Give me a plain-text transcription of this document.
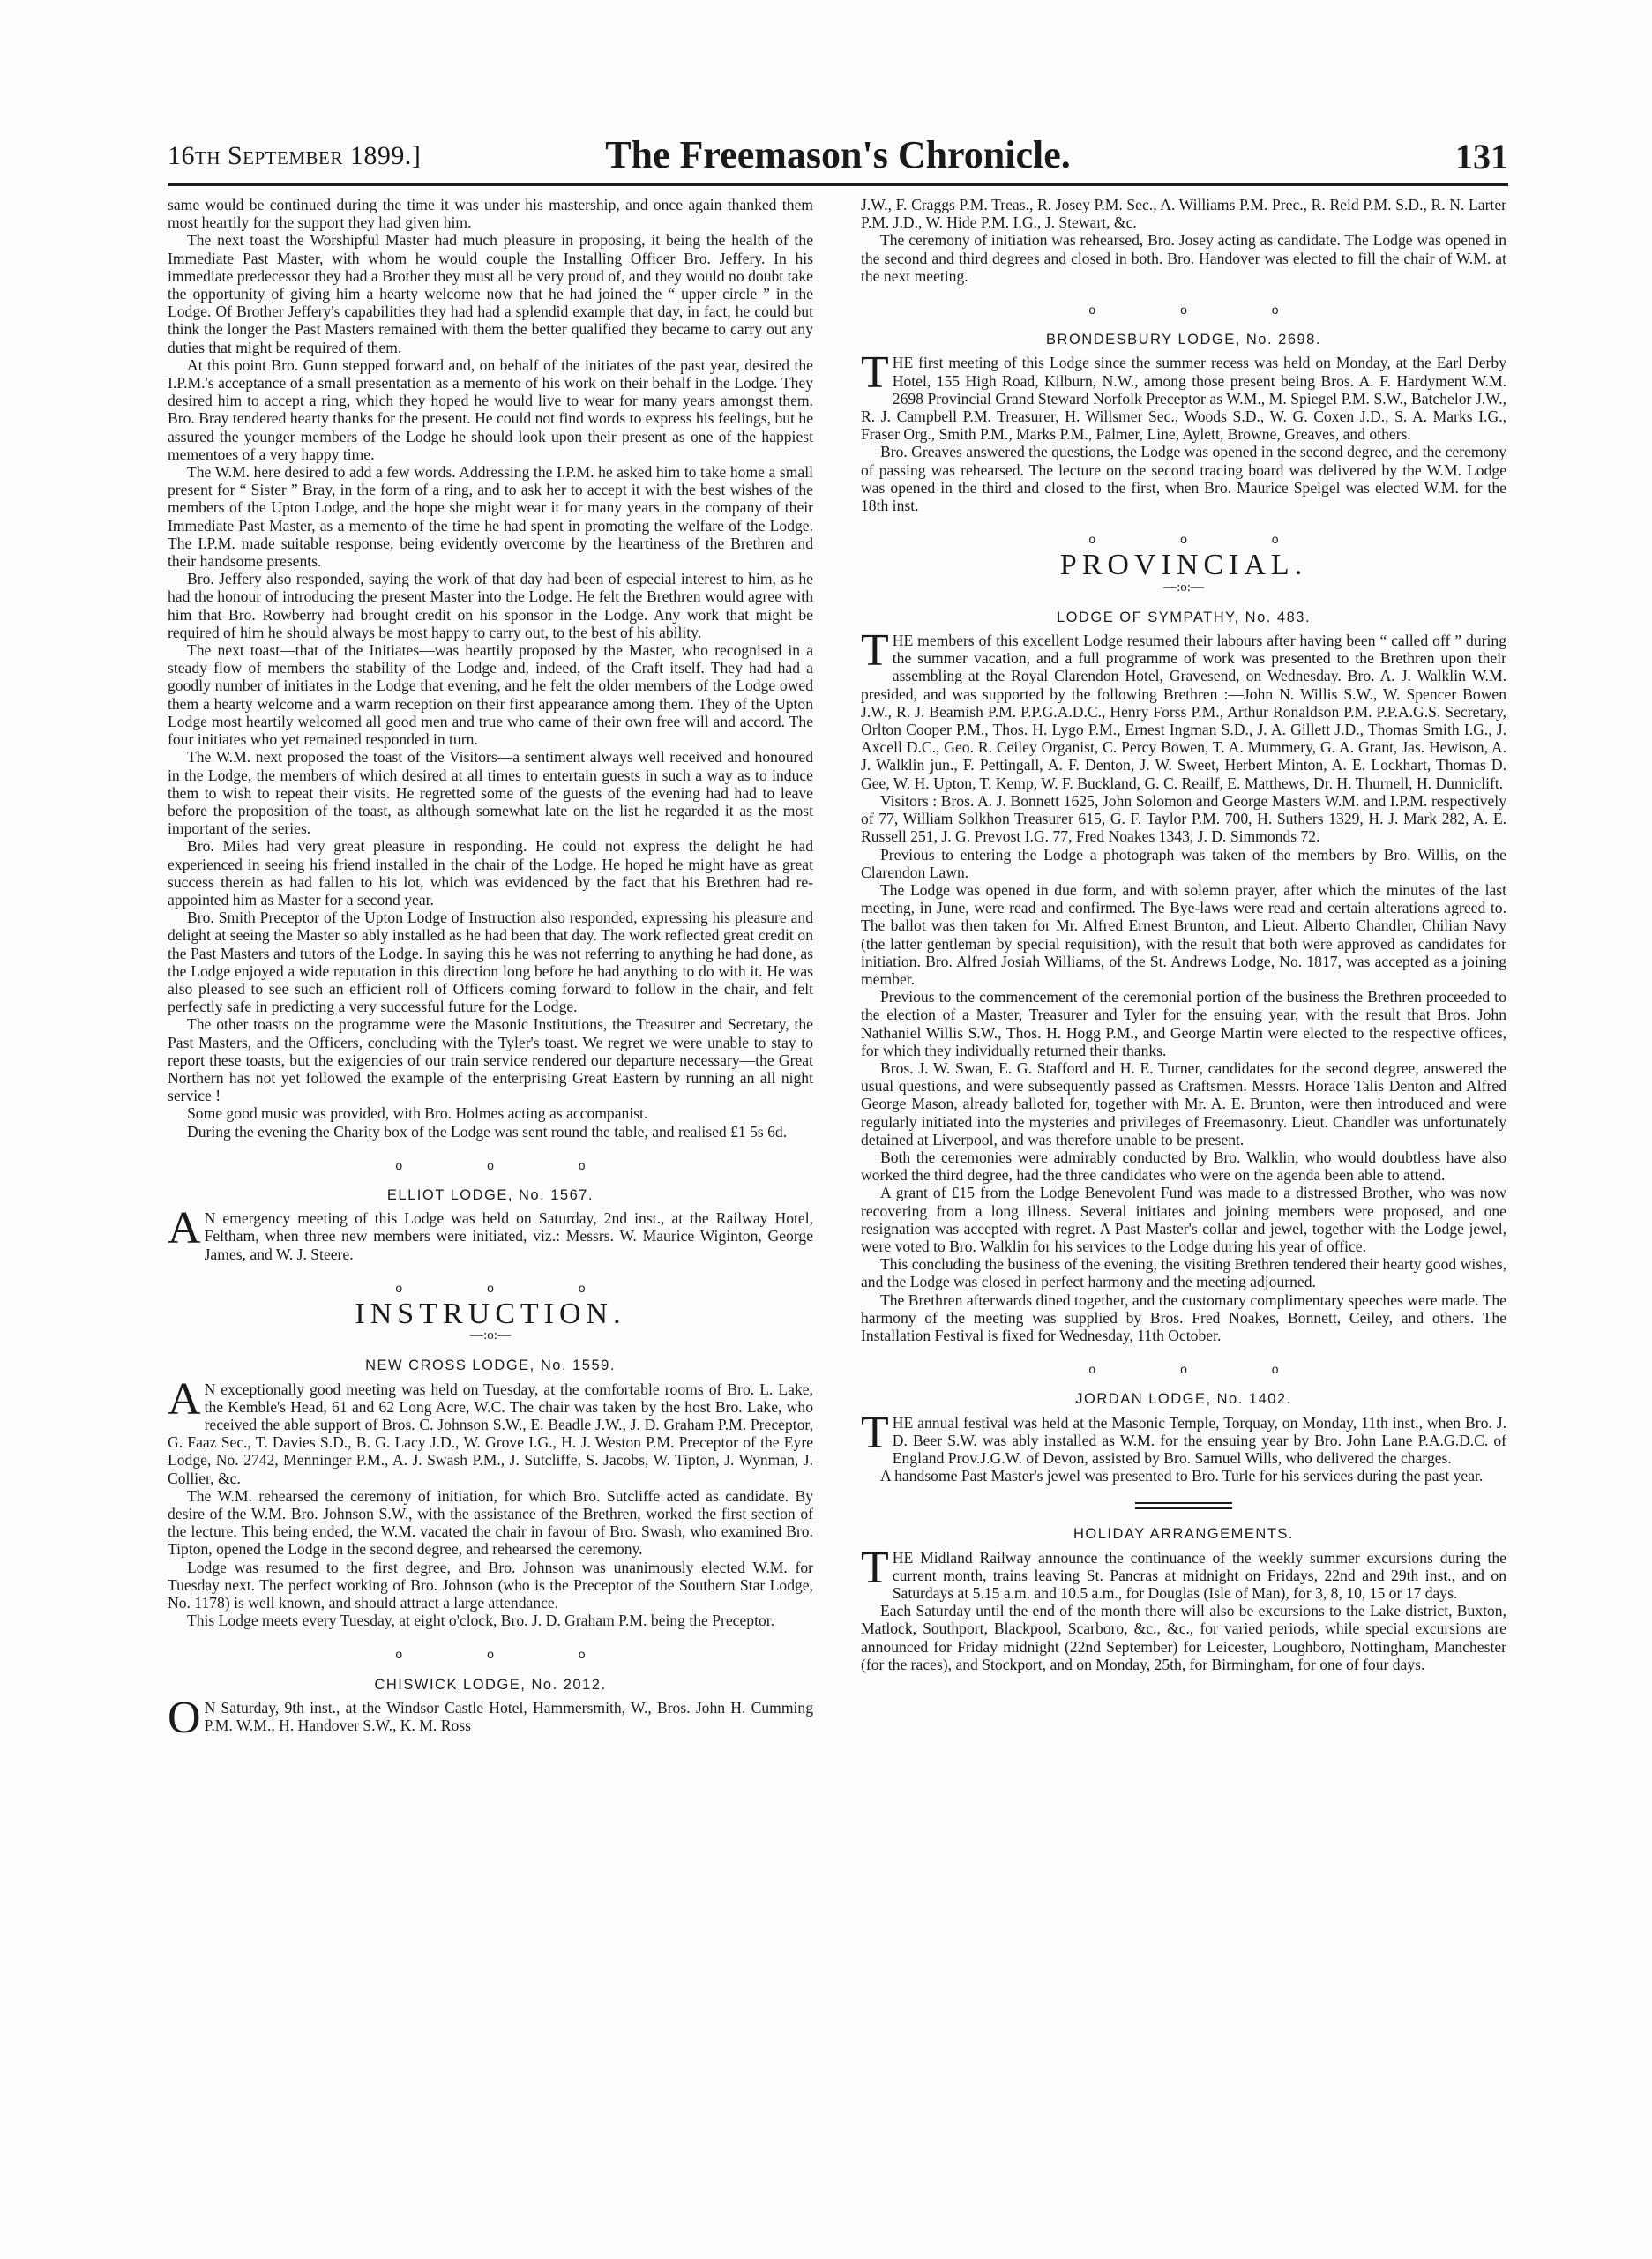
16th September 1899.]	The Freemason's Chronicle.	131

same would be continued during the time it was under his mastership, and once again thanked them most heartily for the support they had given him.

The next toast the Worshipful Master had much pleasure in proposing, it being the health of the Immediate Past Master, with whom he would couple the Installing Officer Bro. Jeffery. In his immediate predecessor they had a Brother they must all be very proud of, and they would no doubt take the opportunity of giving him a hearty welcome now that he had joined the “ upper circle ” in the Lodge. Of Brother Jeffery's capabilities they had had a splendid example that day, in fact, he could but think the longer the Past Masters remained with them the better qualified they became to carry out any duties that might be required of them.

At this point Bro. Gunn stepped forward and, on behalf of the initiates of the past year, desired the I.P.M.'s acceptance of a small presentation as a memento of his work on their behalf in the Lodge. They desired him to accept a ring, which they hoped he would live to wear for many years amongst them. Bro. Bray tendered hearty thanks for the present. He could not find words to express his feelings, but he assured the younger members of the Lodge he should look upon their present as one of the happiest mementoes of a very happy time.

The W.M. here desired to add a few words. Addressing the I.P.M. he asked him to take home a small present for “ Sister ” Bray, in the form of a ring, and to ask her to accept it with the best wishes of the members of the Upton Lodge, and the hope she might wear it for many years in the company of their Immediate Past Master, as a memento of the time he had spent in promoting the welfare of the Lodge. The I.P.M. made suitable response, being evidently overcome by the heartiness of the Brethren and their handsome presents.

Bro. Jeffery also responded, saying the work of that day had been of especial interest to him, as he had the honour of introducing the present Master into the Lodge. He felt the Brethren would agree with him that Bro. Rowberry had brought credit on his sponsor in the Lodge. Any work that might be required of him he should always be most happy to carry out, to the best of his ability.

The next toast—that of the Initiates—was heartily proposed by the Master, who recognised in a steady flow of members the stability of the Lodge and, indeed, of the Craft itself. They had had a goodly number of initiates in the Lodge that evening, and he felt the older members of the Lodge owed them a hearty welcome and a warm reception on their first appearance among them. They of the Upton Lodge most heartily welcomed all good men and true who came of their own free will and accord. The four initiates who yet remained responded in turn.

The W.M. next proposed the toast of the Visitors—a sentiment always well received and honoured in the Lodge, the members of which desired at all times to entertain guests in such a way as to induce them to wish to repeat their visits. He regretted some of the guests of the evening had had to leave before the proposition of the toast, as although somewhat late on the list he regarded it as the most important of the series.

Bro. Miles had very great pleasure in responding. He could not express the delight he had experienced in seeing his friend installed in the chair of the Lodge. He hoped he might have as great success therein as had fallen to his lot, which was evidenced by the fact that his Brethren had re-appointed him as Master for a second year.

Bro. Smith Preceptor of the Upton Lodge of Instruction also responded, expressing his pleasure and delight at seeing the Master so ably installed as he had been that day. The work reflected great credit on the Past Masters and tutors of the Lodge. In saying this he was not referring to anything he had done, as the Lodge enjoyed a wide reputation in this direction long before he had anything to do with it. He was also pleased to see such an efficient roll of Officers coming forward to follow in the chair, and felt perfectly safe in predicting a very successful future for the Lodge.

The other toasts on the programme were the Masonic Institutions, the Treasurer and Secretary, the Past Masters, and the Officers, concluding with the Tyler's toast. We regret we were unable to stay to report these toasts, but the exigencies of our train service rendered our departure necessary—the Great Northern has not yet followed the example of the enterprising Great Eastern by running an all night service !

Some good music was provided, with Bro. Holmes acting as accompanist.

During the evening the Charity box of the Lodge was sent round the table, and realised £1 5s 6d.

o o o
ELLIOT LODGE, No. 1567.

AN emergency meeting of this Lodge was held on Saturday, 2nd inst., at the Railway Hotel, Feltham, when three new members were initiated, viz.: Messrs. W. Maurice Wiginton, George James, and W. J. Steere.

o o o
INSTRUCTION.
—:o:—
NEW CROSS LODGE, No. 1559.

AN exceptionally good meeting was held on Tuesday, at the comfortable rooms of Bro. L. Lake, the Kemble's Head, 61 and 62 Long Acre, W.C. The chair was taken by the host Bro. Lake, who received the able support of Bros. C. Johnson S.W., E. Beadle J.W., J. D. Graham P.M. Preceptor, G. Faaz Sec., T. Davies S.D., B. G. Lacy J.D., W. Grove I.G., H. J. Weston P.M. Preceptor of the Eyre Lodge, No. 2742, Menninger P.M., A. J. Swash P.M., J. Sutcliffe, S. Jacobs, W. Tipton, J. Wynman, J. Collier, &c.

The W.M. rehearsed the ceremony of initiation, for which Bro. Sutcliffe acted as candidate. By desire of the W.M. Bro. Johnson S.W., with the assistance of the Brethren, worked the first section of the lecture. This being ended, the W.M. vacated the chair in favour of Bro. Swash, who examined Bro. Tipton, opened the Lodge in the second degree, and rehearsed the ceremony.

Lodge was resumed to the first degree, and Bro. Johnson was unanimously elected W.M. for Tuesday next. The perfect working of Bro. Johnson (who is the Preceptor of the Southern Star Lodge, No. 1178) is well known, and should attract a large attendance.

This Lodge meets every Tuesday, at eight o'clock, Bro. J. D. Graham P.M. being the Preceptor.

o o o
CHISWICK LODGE, No. 2012.

ON Saturday, 9th inst., at the Windsor Castle Hotel, Hammersmith, W., Bros. John H. Cumming P.M. W.M., H. Handover S.W., K. M. Ross

J.W., F. Craggs P.M. Treas., R. Josey P.M. Sec., A. Williams P.M. Prec., R. Reid P.M. S.D., R. N. Larter P.M. J.D., W. Hide P.M. I.G., J. Stewart, &c.

The ceremony of initiation was rehearsed, Bro. Josey acting as candidate. The Lodge was opened in the second and third degrees and closed in both. Bro. Handover was elected to fill the chair of W.M. at the next meeting.

o o o
BRONDESBURY LODGE, No. 2698.

THE first meeting of this Lodge since the summer recess was held on Monday, at the Earl Derby Hotel, 155 High Road, Kilburn, N.W., among those present being Bros. A. F. Hardyment W.M. 2698 Provincial Grand Steward Norfolk Preceptor as W.M., M. Spiegel P.M. S.W., Batchelor J.W., R. J. Campbell P.M. Treasurer, H. Willsmer Sec., Woods S.D., W. G. Coxen J.D., S. A. Marks I.G., Fraser Org., Smith P.M., Marks P.M., Palmer, Line, Aylett, Browne, Greaves, and others.

Bro. Greaves answered the questions, the Lodge was opened in the second degree, and the ceremony of passing was rehearsed. The lecture on the second tracing board was delivered by the W.M. Lodge was opened in the third and closed to the first, when Bro. Maurice Speigel was elected W.M. for the 18th inst.

o o o
PROVINCIAL.
—:o:—
LODGE OF SYMPATHY, No. 483.

THE members of this excellent Lodge resumed their labours after having been “ called off ” during the summer vacation, and a full programme of work was presented to the Brethren upon their assembling at the Royal Clarendon Hotel, Gravesend, on Wednesday. Bro. A. J. Walklin W.M. presided, and was supported by the following Brethren :—John N. Willis S.W., W. Spencer Bowen J.W., R. J. Beamish P.M. P.P.G.A.D.C., Henry Forss P.M., Arthur Ronaldson P.M. P.P.A.G.S. Secretary, Orlton Cooper P.M., Thos. H. Lygo P.M., Ernest Ingman S.D., J. A. Gillett J.D., Thomas Smith I.G., J. Axcell D.C., Geo. R. Ceiley Organist, C. Percy Bowen, T. A. Mummery, G. A. Grant, Jas. Hewison, A. J. Walklin jun., F. Pettingall, A. F. Denton, J. W. Sweet, Herbert Minton, A. E. Lockhart, Thomas D. Gee, W. H. Upton, T. Kemp, W. F. Buckland, G. C. Reailf, E. Matthews, Dr. H. Thurnell, H. Dunniclift.

Visitors : Bros. A. J. Bonnett 1625, John Solomon and George Masters W.M. and I.P.M. respectively of 77, William Solkhon Treasurer 615, G. F. Taylor P.M. 700, H. Suthers 1329, H. J. Mark 282, A. E. Russell 251, J. G. Prevost I.G. 77, Fred Noakes 1343, J. D. Simmonds 72.

Previous to entering the Lodge a photograph was taken of the members by Bro. Willis, on the Clarendon Lawn.

The Lodge was opened in due form, and with solemn prayer, after which the minutes of the last meeting, in June, were read and confirmed. The Bye-laws were read and certain alterations agreed to. The ballot was then taken for Mr. Alfred Ernest Brunton, and Lieut. Alberto Chandler, Chilian Navy (the latter gentleman by special requisition), with the result that both were approved as candidates for initiation. Bro. Alfred Josiah Williams, of the St. Andrews Lodge, No. 1817, was accepted as a joining member.

Previous to the commencement of the ceremonial portion of the business the Brethren proceeded to the election of a Master, Treasurer and Tyler for the ensuing year, with the result that Bros. John Nathaniel Willis S.W., Thos. H. Hogg P.M., and George Martin were elected to the respective offices, for which they individually returned their thanks.

Bros. J. W. Swan, E. G. Stafford and H. E. Turner, candidates for the second degree, answered the usual questions, and were subsequently passed as Craftsmen. Messrs. Horace Talis Denton and Alfred George Mason, already balloted for, together with Mr. A. E. Brunton, were then introduced and were regularly initiated into the mysteries and privileges of Freemasonry. Lieut. Chandler was unfortunately detained at Liverpool, and was therefore unable to be present.

Both the ceremonies were admirably conducted by Bro. Walklin, who would doubtless have also worked the third degree, had the three candidates who were on the agenda been able to attend.

A grant of £15 from the Lodge Benevolent Fund was made to a distressed Brother, who was now recovering from a long illness. Several initiates and joining members were proposed, and one resignation was accepted with regret. A Past Master's collar and jewel, together with the Lodge jewel, were voted to Bro. Walklin for his services to the Lodge during his year of office.

This concluding the business of the evening, the visiting Brethren tendered their hearty good wishes, and the Lodge was closed in perfect harmony and the meeting adjourned.

The Brethren afterwards dined together, and the customary complimentary speeches were made. The harmony of the meeting was supplied by Bros. Fred Noakes, Bonnett, Ceiley, and others. The Installation Festival is fixed for Wednesday, 11th October.

o o o
JORDAN LODGE, No. 1402.

THE annual festival was held at the Masonic Temple, Torquay, on Monday, 11th inst., when Bro. J. D. Beer S.W. was ably installed as W.M. for the ensuing year by Bro. John Lane P.A.G.D.C. of England Prov.J.G.W. of Devon, assisted by Bro. Samuel Wills, who delivered the charges.

A handsome Past Master's jewel was presented to Bro. Turle for his services during the past year.

HOLIDAY ARRANGEMENTS.

THE Midland Railway announce the continuance of the weekly summer excursions during the current month, trains leaving St. Pancras at midnight on Fridays, 22nd and 29th inst., and on Saturdays at 5.15 a.m. and 10.5 a.m., for Douglas (Isle of Man), for 3, 8, 10, 15 or 17 days.

Each Saturday until the end of the month there will also be excursions to the Lake district, Buxton, Matlock, Southport, Blackpool, Scarboro, &c., &c., for varied periods, while special excursions are announced for Friday midnight (22nd September) for Leicester, Loughboro, Nottingham, Manchester (for the races), and Stockport, and on Monday, 25th, for Birmingham, for one of four days.
